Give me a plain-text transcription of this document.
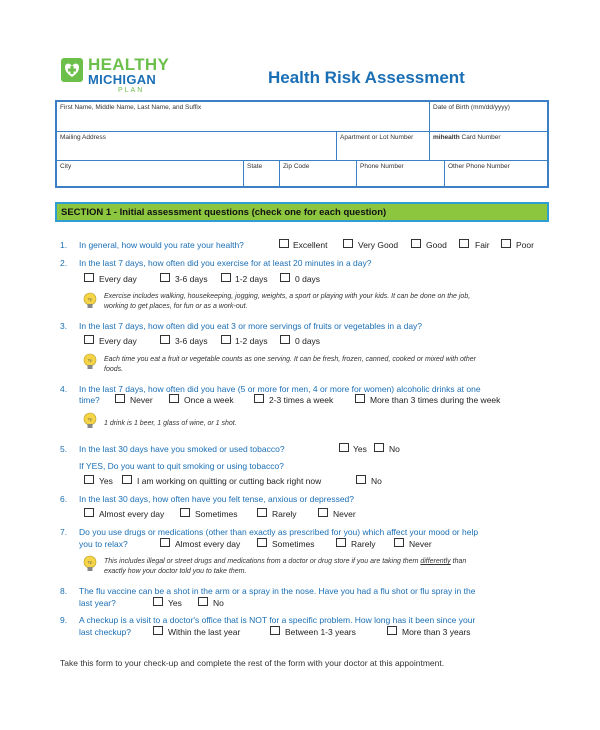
HEALTHY
MICHIGAN
PLAN
Health Risk Assessment
First Name, Middle Name, Last Name, and Suffix	Date of Birth (mm/dd/yyyy)
Mailing Address	Apartment or Lot Number	mihealth Card Number
City	State	Zip Code	Phone Number	Other Phone Number
SECTION 1 - Initial assessment questions (check one for each question)
1. In general, how would you rate your health?	Excellent	Very Good	Good	Fair	Poor
2. In the last 7 days, how often did you exercise for at least 20 minutes in a day?
Every day	3-6 days	1-2 days	0 days
Tip Exercise includes walking, housekeeping, jogging, weights, a sport or playing with your kids. It can be done on the job,
working to get places, for fun or as a work-out.
3. In the last 7 days, how often did you eat 3 or more servings of fruits or vegetables in a day?
Every day	3-6 days	1-2 days	0 days
Tip Each time you eat a fruit or vegetable counts as one serving. It can be fresh, frozen, canned, cooked or mixed with other
foods.
4. In the last 7 days, how often did you have (5 or more for men, 4 or more for women) alcoholic drinks at one
time?	Never	Once a week	2-3 times a week	More than 3 times during the week
Tip
1 drink is 1 beer, 1 glass of wine, or 1 shot.
5. In the last 30 days have you smoked or used tobacco?	Yes	No
If YES, Do you want to quit smoking or using tobacco?
Yes	I am working on quitting or cutting back right now	No
6. In the last 30 days, how often have you felt tense, anxious or depressed?
Almost every day	Sometimes	Rarely	Never
7. Do you use drugs or medications (other than exactly as prescribed for you) which affect your mood or help
you to relax?	Almost every day	Sometimes	Rarely	Never
Tip This includes illegal or street drugs and medications from a doctor or drug store if you are taking them differently than
exactly how your doctor told you to take them.
8. The flu vaccine can be a shot in the arm or a spray in the nose. Have you had a flu shot or flu spray in the
last year?	Yes	No
9. A checkup is a visit to a doctor's office that is NOT for a specific problem. How long has it been since your
last checkup?	Within the last year	Between 1-3 years	More than 3 years
Take this form to your check-up and complete the rest of the form with your doctor at this appointment.
